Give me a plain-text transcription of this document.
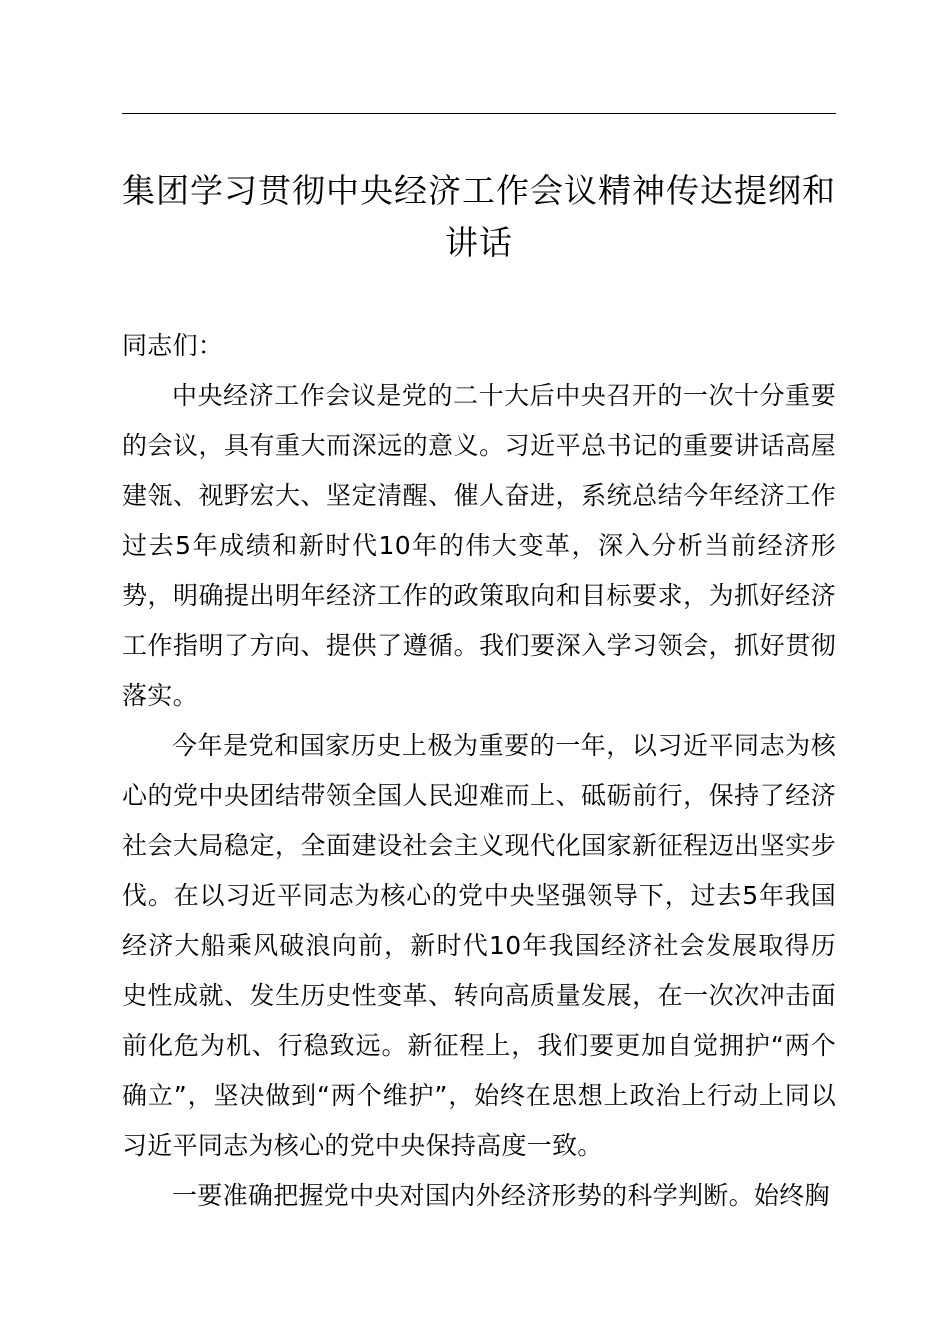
集团学习贯彻中央经济工作会议精神传达提纲和讲话

同志们：

中央经济工作会议是党的二十大后中央召开的一次十分重要的会议，具有重大而深远的意义。习近平总书记的重要讲话高屋建瓴、视野宏大、坚定清醒、催人奋进，系统总结今年经济工作过去5年成绩和新时代10年的伟大变革，深入分析当前经济形势，明确提出明年经济工作的政策取向和目标要求，为抓好经济工作指明了方向、提供了遵循。我们要深入学习领会，抓好贯彻落实。

今年是党和国家历史上极为重要的一年，以习近平同志为核心的党中央团结带领全国人民迎难而上、砥砺前行，保持了经济社会大局稳定，全面建设社会主义现代化国家新征程迈出坚实步伐。在以习近平同志为核心的党中央坚强领导下，过去5年我国经济大船乘风破浪向前，新时代10年我国经济社会发展取得历史性成就、发生历史性变革、转向高质量发展，在一次次冲击面前化危为机、行稳致远。新征程上，我们要更加自觉拥护“两个确立”，坚决做到“两个维护”，始终在思想上政治上行动上同以习近平同志为核心的党中央保持高度一致。

一要准确把握党中央对国内外经济形势的科学判断。始终胸
